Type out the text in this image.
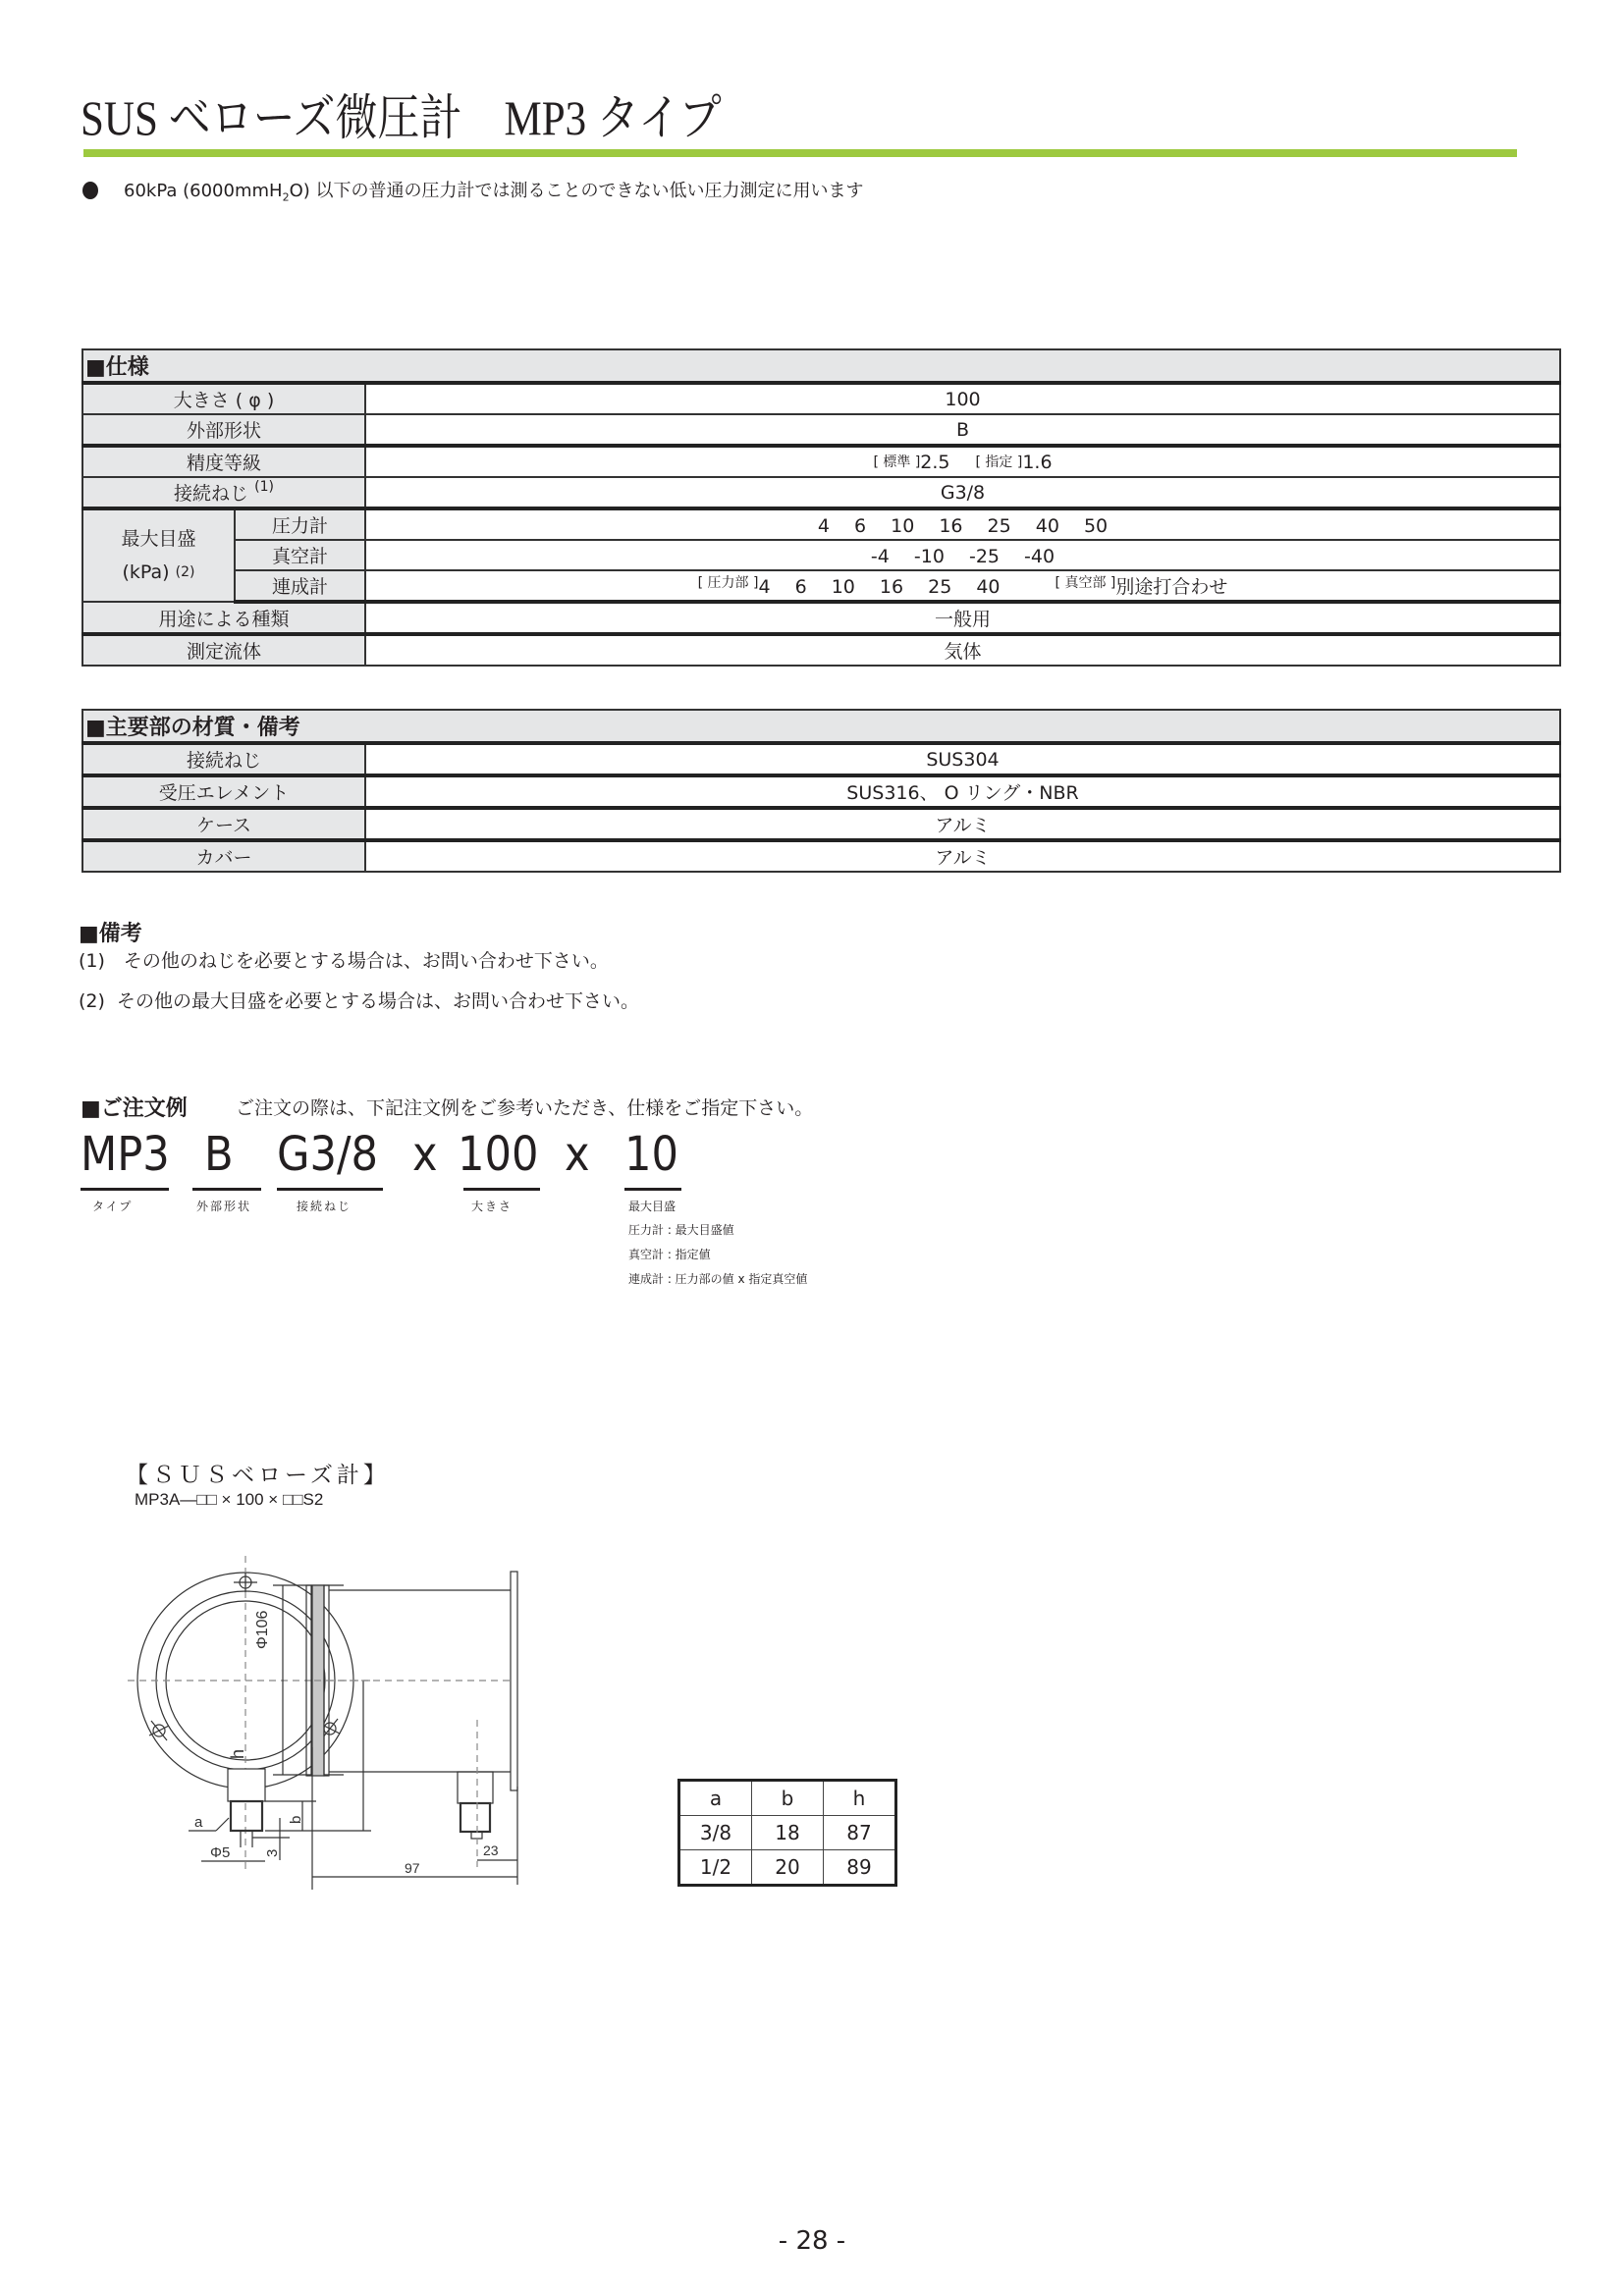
SUS ベローズ微圧計　MP3 タイプ
60kPa (6000mmH$_2$O) 以下の普通の圧力計では測ることのできない低い圧力測定に用います
■仕様		
大きさ ( φ )		100
外部形状		B
精度等級		[ 標準 ]2.5 [ 指定 ]1.6
接続ねじ $^{(1)}$		G3/8

最大目盛
(kPa) $^{(2)}$	圧力計	4　 6　 10　 16　 25　 40　 50
	真空計	-4　 -10　 -25　 -40
	連成計	[ 圧力部 ]4　 6　 10　 16　 25　 40 [ 真空部 ]別途打合わせ
用途による種類		一般用
測定流体		気体
■主要部の材質・備考	
接続ねじ	SUS304
受圧エレメント	SUS316、 O リング・NBR
ケース	アルミ
カバー	アルミ
■備考
(1)　その他のねじを必要とする場合は、お問い合わせ下さい。
(2)  その他の最大目盛を必要とする場合は、お問い合わせ下さい。
■ご注文例	ご注文の際は、下記注文例をご参考いただき、仕様をご指定下さい。
MP3 B G3/8 x 100 x 10
タイプ	外部形状	接続ねじ	大きさ	最大目盛
圧力計 : 最大目盛値
真空計 : 指定値
連成計 : 圧力部の値 x 指定真空値
【ＳＵＳベローズ計】
MP3A―□□ × 100 × □□S2
Φ106
h
a	b
Φ5 3
97
23
a	b	h
3/8	18	87
1/2	20	89
- 28 -
